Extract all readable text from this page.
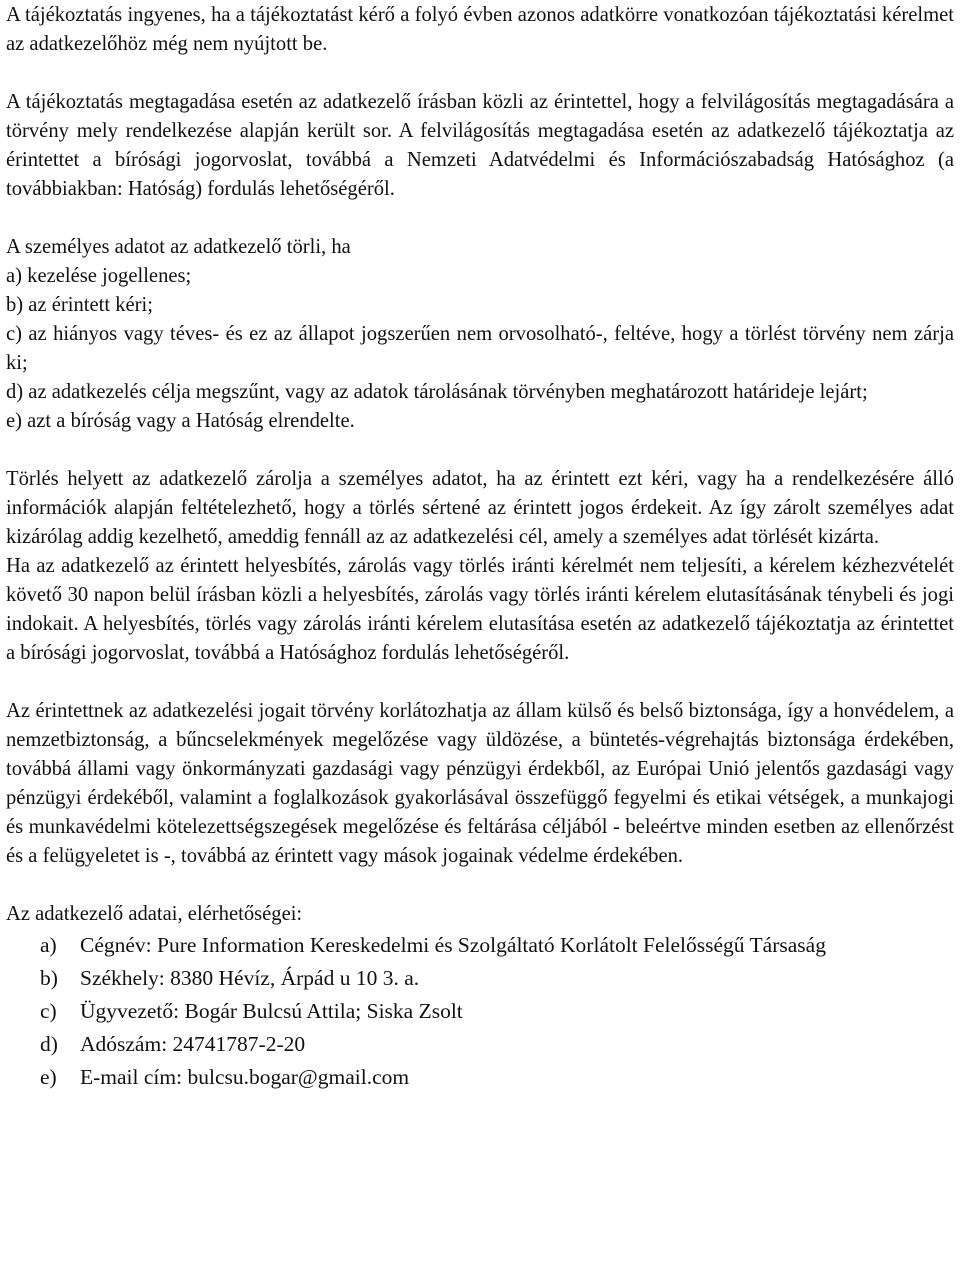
A tájékoztatás ingyenes, ha a tájékoztatást kérő a folyó évben azonos adatkörre vonatkozóan tájékoztatási kérelmet az adatkezelőhöz még nem nyújtott be.

A tájékoztatás megtagadása esetén az adatkezelő írásban közli az érintettel, hogy a felvilágosítás megtagadására a törvény mely rendelkezése alapján került sor. A felvilágosítás megtagadása esetén az adatkezelő tájékoztatja az érintettet a bírósági jogorvoslat, továbbá a Nemzeti Adatvédelmi és Információszabadság Hatósághoz (a továbbiakban: Hatóság) fordulás lehetőségéről.

A személyes adatot az adatkezelő törli, ha

a) kezelése jogellenes;

b) az érintett kéri;

c) az hiányos vagy téves- és ez az állapot jogszerűen nem orvosolható-, feltéve, hogy a törlést törvény nem zárja ki;

d) az adatkezelés célja megszűnt, vagy az adatok tárolásának törvényben meghatározott határideje lejárt;

e) azt a bíróság vagy a Hatóság elrendelte.

Törlés helyett az adatkezelő zárolja a személyes adatot, ha az érintett ezt kéri, vagy ha a rendelkezésére álló információk alapján feltételezhető, hogy a törlés sértené az érintett jogos érdekeit. Az így zárolt személyes adat kizárólag addig kezelhető, ameddig fennáll az az adatkezelési cél, amely a személyes adat törlését kizárta.

Ha az adatkezelő az érintett helyesbítés, zárolás vagy törlés iránti kérelmét nem teljesíti, a kérelem kézhezvételét követő 30 napon belül írásban közli a helyesbítés, zárolás vagy törlés iránti kérelem elutasításának ténybeli és jogi indokait. A helyesbítés, törlés vagy zárolás iránti kérelem elutasítása esetén az adatkezelő tájékoztatja az érintettet a bírósági jogorvoslat, továbbá a Hatósághoz fordulás lehetőségéről.

Az érintettnek az adatkezelési jogait törvény korlátozhatja az állam külső és belső biztonsága, így a honvédelem, a nemzetbiztonság, a bűncselekmények megelőzése vagy üldözése, a büntetés-végrehajtás biztonsága érdekében, továbbá állami vagy önkormányzati gazdasági vagy pénzügyi érdekből, az Európai Unió jelentős gazdasági vagy pénzügyi érdekéből, valamint a foglalkozások gyakorlásával összefüggő fegyelmi és etikai vétségek, a munkajogi és munkavédelmi kötelezettségszegések megelőzése és feltárása céljából - beleértve minden esetben az ellenőrzést és a felügyeletet is -, továbbá az érintett vagy mások jogainak védelme érdekében.

Az adatkezelő adatai, elérhetőségei:

a)	Cégnév: Pure Information Kereskedelmi és Szolgáltató Korlátolt Felelősségű Társaság
b)	Székhely: 8380 Hévíz, Árpád u 10 3. a.
c)	Ügyvezető: Bogár Bulcsú Attila; Siska Zsolt
d)	Adószám: 24741787-2-20
e)	E-mail cím: bulcsu.bogar@gmail.com
